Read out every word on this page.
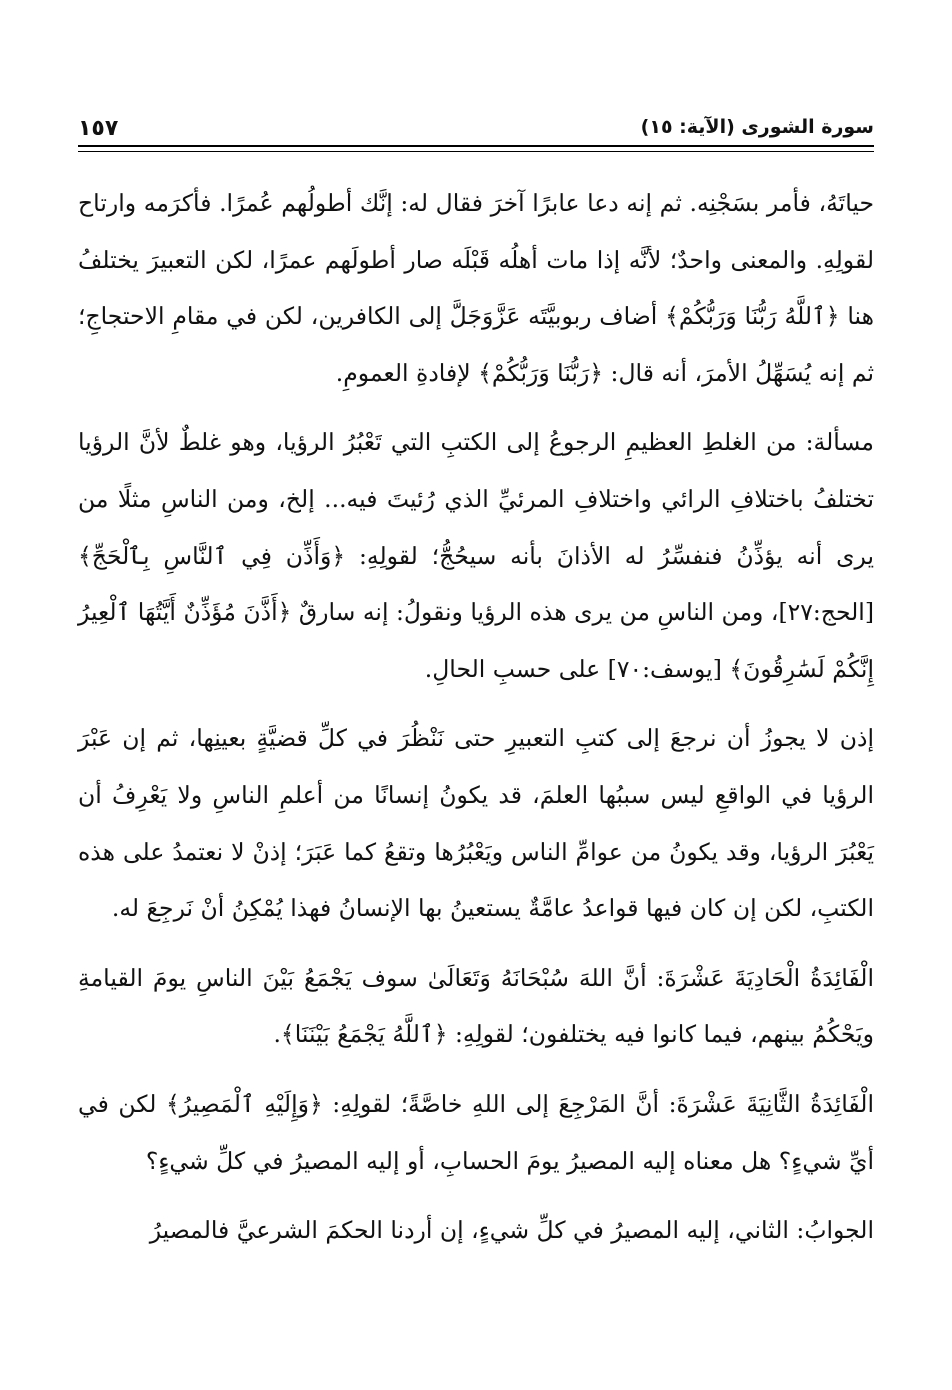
١٥٧	سورة الشورى (الآية: ١٥)

حياتَهُ، فأمر بسَجْنِه. ثم إنه دعا عابرًا آخرَ فقال له: إنَّك أطولُهم عُمرًا. فأكرَمه وارتاح لقولِهِ. والمعنى واحدٌ؛ لأنَّه إذا مات أهلُه قَبْلَه صار أطولَهم عمرًا، لكن التعبيرَ يختلفُ هنا ﴿ٱللَّهُ رَبُّنَا وَرَبُّكُمْ﴾ أضاف ربوبيَّتَه عَزَّوَجَلَّ إلى الكافرين، لكن في مقامِ الاحتجاجِ؛ ثم إنه يُسَهِّلُ الأمرَ، أنه قال: ﴿رَبُّنَا وَرَبُّكُمْ﴾ لإفادةِ العمومِ.

مسألة: من الغلطِ العظيمِ الرجوعُ إلى الكتبِ التي تَعْبُرُ الرؤيا، وهو غلطٌ لأنَّ الرؤيا تختلفُ باختلافِ الرائي واختلافِ المرئيِّ الذي رُئيتَ فيه... إلخ، ومن الناسِ مثلًا من يرى أنه يؤذِّنُ فنفسِّرُ له الأذانَ بأنه سيحُجُّ؛ لقولِهِ: ﴿وَأَذِّن فِي ٱلنَّاسِ بِٱلْحَجِّ﴾ [الحج:٢٧]، ومن الناسِ من يرى هذه الرؤيا ونقولُ: إنه سارقٌ ﴿أَذَّنَ مُؤَذِّنٌ أَيَّتُهَا ٱلْعِيرُ إِنَّكُمْ لَسَٰرِقُونَ﴾ [يوسف:٧٠] على حسبِ الحالِ.

إذن لا يجوزُ أن نرجعَ إلى كتبِ التعبيرِ حتى نَنْظُرَ في كلِّ قضيَّةٍ بعينِها، ثم إن عَبْرَ الرؤيا في الواقعِ ليس سببُها العلمَ، قد يكونُ إنسانًا من أعلمِ الناسِ ولا يَعْرِفُ أن يَعْبُرَ الرؤيا، وقد يكونُ من عوامِّ الناس ويَعْبُرُها وتقعُ كما عَبَرَ؛ إذنْ لا نعتمدُ على هذه الكتبِ، لكن إن كان فيها قواعدُ عامَّةٌ يستعينُ بها الإنسانُ فهذا يُمْكِنُ أنْ نَرجِعَ له.

الْفَائِدَةُ الْحَادِيَةَ عَشْرَةَ: أنَّ اللهَ سُبْحَانَهُ وَتَعَالَىٰ سوف يَجْمَعُ بَيْنَ الناسِ يومَ القيامةِ ويَحْكُمُ بينهم، فيما كانوا فيه يختلفون؛ لقولِهِ: ﴿ٱللَّهُ يَجْمَعُ بَيْنَنَا﴾.

الْفَائِدَةُ الثَّانِيَةَ عَشْرَةَ: أنَّ المَرْجِعَ إلى اللهِ خاصَّةً؛ لقولِهِ: ﴿وَإِلَيْهِ ٱلْمَصِيرُ﴾ لكن في أيِّ شيءٍ؟ هل معناه إليه المصيرُ يومَ الحسابِ، أو إليه المصيرُ في كلِّ شيءٍ؟

الجوابُ: الثاني، إليه المصيرُ في كلِّ شيءٍ، إن أردنا الحكمَ الشرعيَّ فالمصيرُ
